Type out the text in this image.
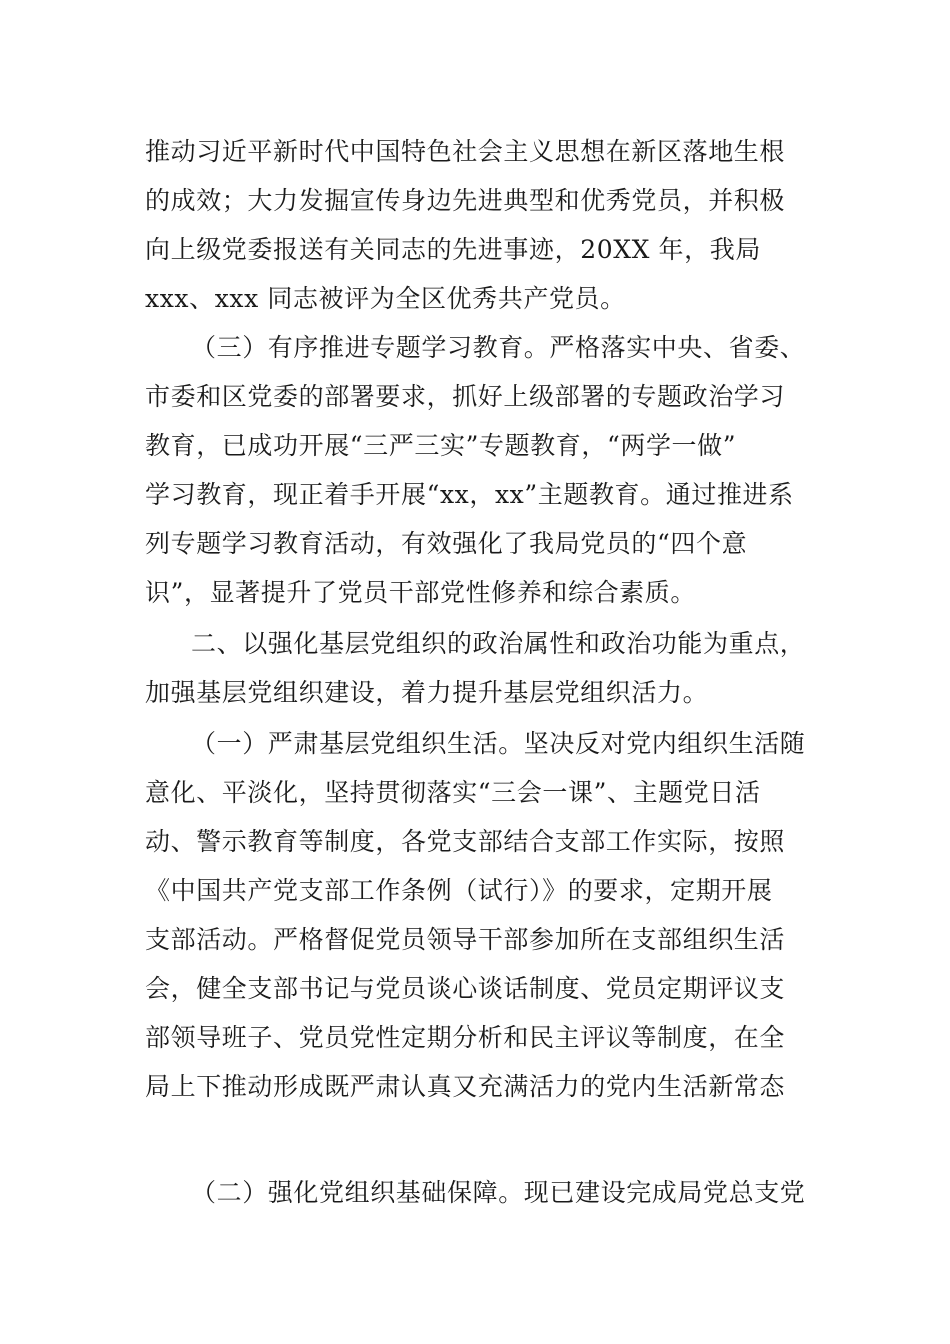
推动习近平新时代中国特色社会主义思想在新区落地生根
的成效；大力发掘宣传身边先进典型和优秀党员，并积极
向上级党委报送有关同志的先进事迹，20XX 年，我局
xxx、xxx 同志被评为全区优秀共产党员。
（三）有序推进专题学习教育。严格落实中央、省委、
市委和区党委的部署要求，抓好上级部署的专题政治学习
教育，已成功开展“三严三实”专题教育，“两学一做”
学习教育，现正着手开展“xx，xx”主题教育。通过推进系
列专题学习教育活动，有效强化了我局党员的“四个意
识”，显著提升了党员干部党性修养和综合素质。
二、以强化基层党组织的政治属性和政治功能为重点，
加强基层党组织建设，着力提升基层党组织活力。
（一）严肃基层党组织生活。坚决反对党内组织生活随
意化、平淡化，坚持贯彻落实“三会一课”、主题党日活
动、警示教育等制度，各党支部结合支部工作实际，按照
《中国共产党支部工作条例（试行）》的要求，定期开展
支部活动。严格督促党员领导干部参加所在支部组织生活
会，健全支部书记与党员谈心谈话制度、党员定期评议支
部领导班子、党员党性定期分析和民主评议等制度，在全
局上下推动形成既严肃认真又充满活力的党内生活新常态
（二）强化党组织基础保障。现已建设完成局党总支党
